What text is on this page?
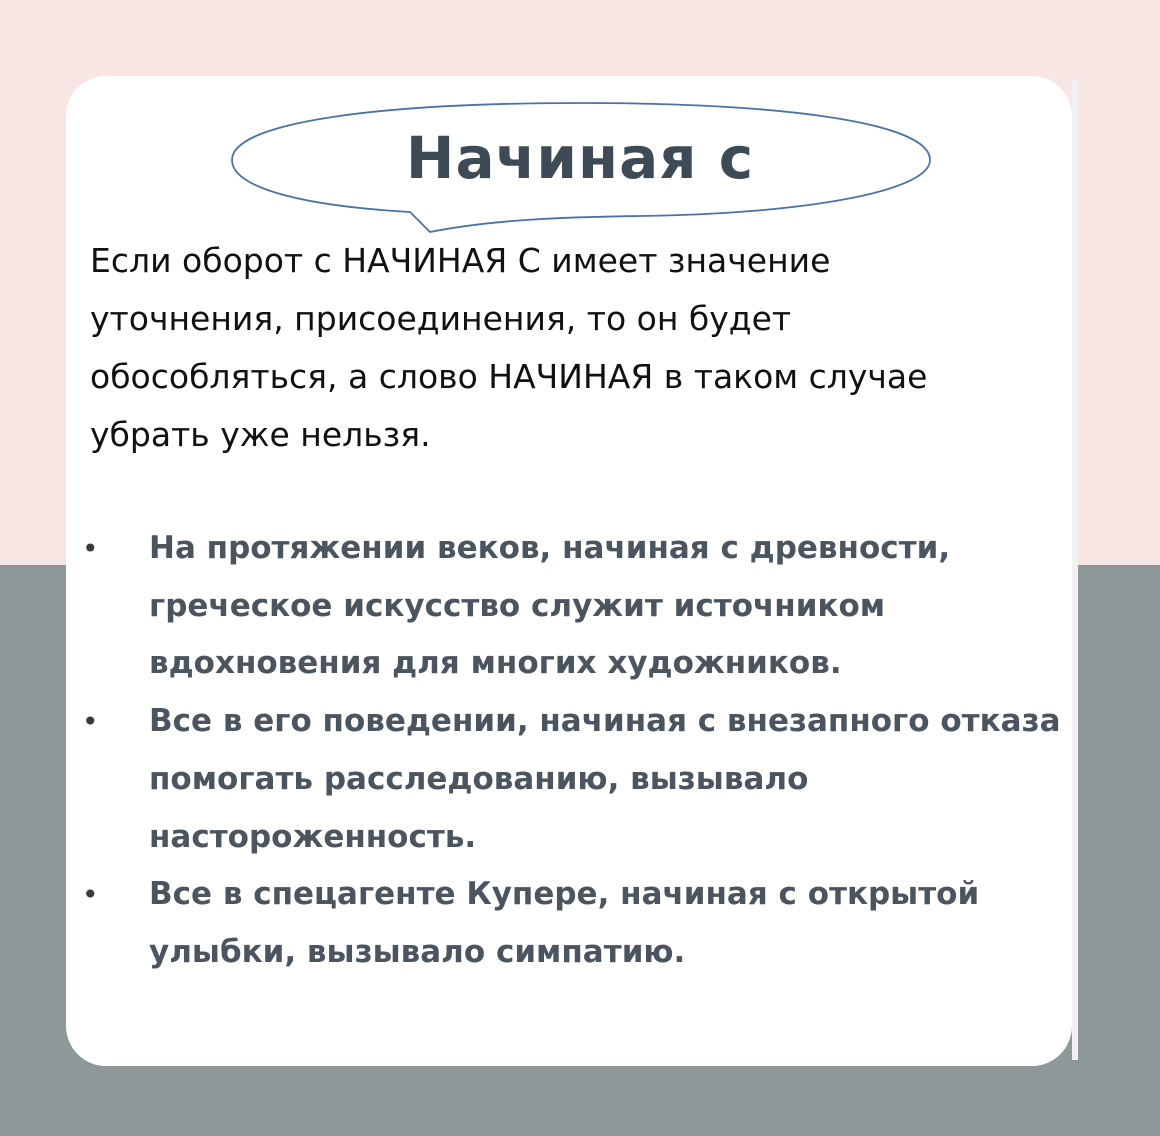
Начиная с
Если оборот с НАЧИНАЯ С имеет значение уточнения, присоединения, то он будет обособляться, а слово НАЧИНАЯ в таком случае убрать уже нельзя.
• На протяжении веков, начиная с древности, греческое искусство служит источником вдохновения для многих художников.
• Все в его поведении, начиная с внезапного отказа помогать расследованию, вызывало настороженность.
• Все в спецагенте Купере, начиная с открытой улыбки, вызывало симпатию.
